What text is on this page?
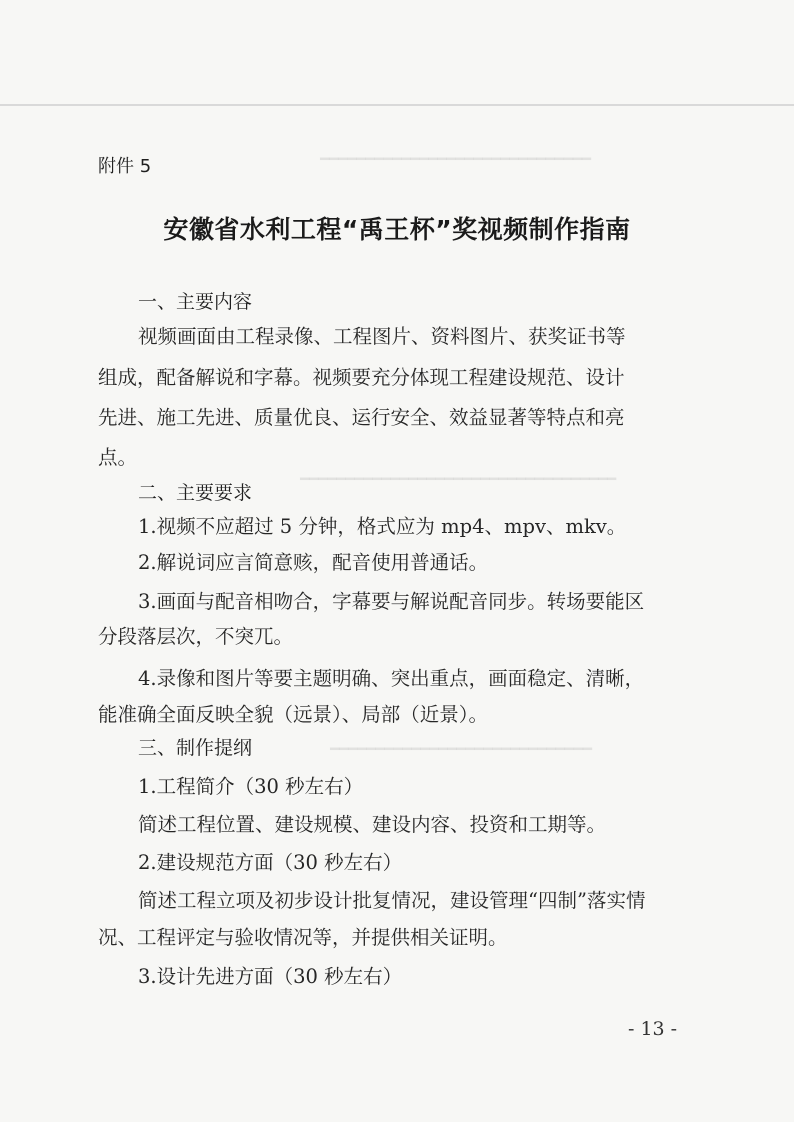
━━━━━━━━━━━━━━━━━━━━━━━━━━━━━━
━━━━━━━━━━━━━━━━━━━━━━━━━━━━━━━━━━━
━━━━━━━━━━━━━━━━━━━━━━━━━━━━━
附件 5
安徽省水利工程“禹王杯”奖视频制作指南
一、主要内容
视频画面由工程录像、工程图片、资料图片、获奖证书等
组成，配备解说和字幕。视频要充分体现工程建设规范、设计
先进、施工先进、质量优良、运行安全、效益显著等特点和亮
点。
二、主要要求
1.视频不应超过 5 分钟，格式应为 mp4、mpv、mkv。
2.解说词应言简意赅，配音使用普通话。
3.画面与配音相吻合，字幕要与解说配音同步。转场要能区
分段落层次，不突兀。
4.录像和图片等要主题明确、突出重点，画面稳定、清晰，
能准确全面反映全貌（远景）、局部（近景）。
三、制作提纲
1.工程简介（30 秒左右）
简述工程位置、建设规模、建设内容、投资和工期等。
2.建设规范方面（30 秒左右）
简述工程立项及初步设计批复情况，建设管理“四制”落实情
况、工程评定与验收情况等，并提供相关证明。
3.设计先进方面（30 秒左右）
- 13 -
